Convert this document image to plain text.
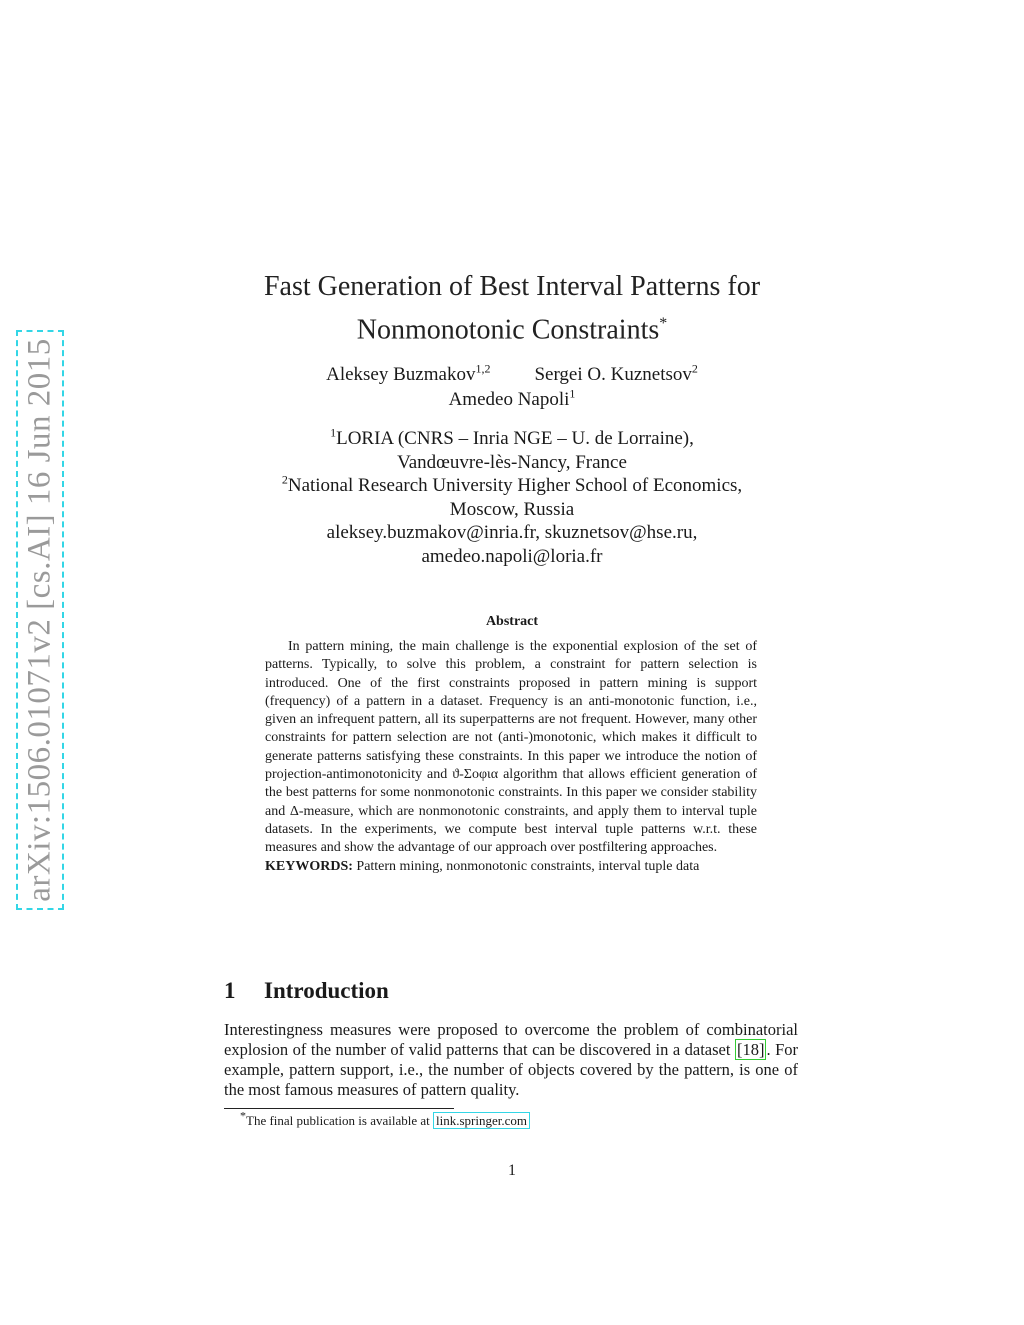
arXiv:1506.01071v2 [cs.AI] 16 Jun 2015
Fast Generation of Best Interval Patterns for
Nonmonotonic Constraints*
Aleksey Buzmakov$^{1,2}$ Sergei O. Kuznetsov$^2$
Amedeo Napoli$^1$
$^1$LORIA (CNRS – Inria NGE – U. de Lorraine),
Vandœuvre-lès-Nancy, France
$^2$National Research University Higher School of Economics,
Moscow, Russia
aleksey.buzmakov@inria.fr, skuznetsov@hse.ru,
amedeo.napoli@loria.fr
Abstract

In pattern mining, the main challenge is the exponential explosion of the set of patterns. Typically, to solve this problem, a constraint for pattern selection is introduced. One of the first constraints proposed in pattern mining is support (frequency) of a pattern in a dataset. Frequency is an anti-monotonic function, i.e., given an infrequent pattern, all its superpatterns are not frequent. However, many other constraints for pattern selection are not (anti-)monotonic, which makes it difficult to generate patterns satisfying these constraints. In this paper we introduce the notion of projection-antimonotonicity and ϑ-Σοφια algorithm that allows efficient generation of the best patterns for some nonmonotonic constraints. In this paper we consider stability and Δ-measure, which are nonmonotonic constraints, and apply them to interval tuple datasets. In the experiments, we compute best interval tuple patterns w.r.t. these measures and show the advantage of our approach over postfiltering approaches.

KEYWORDS: Pattern mining, nonmonotonic constraints, interval tuple data

1 Introduction

Interestingness measures were proposed to overcome the problem of combinatorial explosion of the number of valid patterns that can be discovered in a dataset [18] . For example, pattern support, i.e., the number of objects covered by the pattern, is one of the most famous measures of pattern quality.

*The final publication is available at link.springer.com
1
